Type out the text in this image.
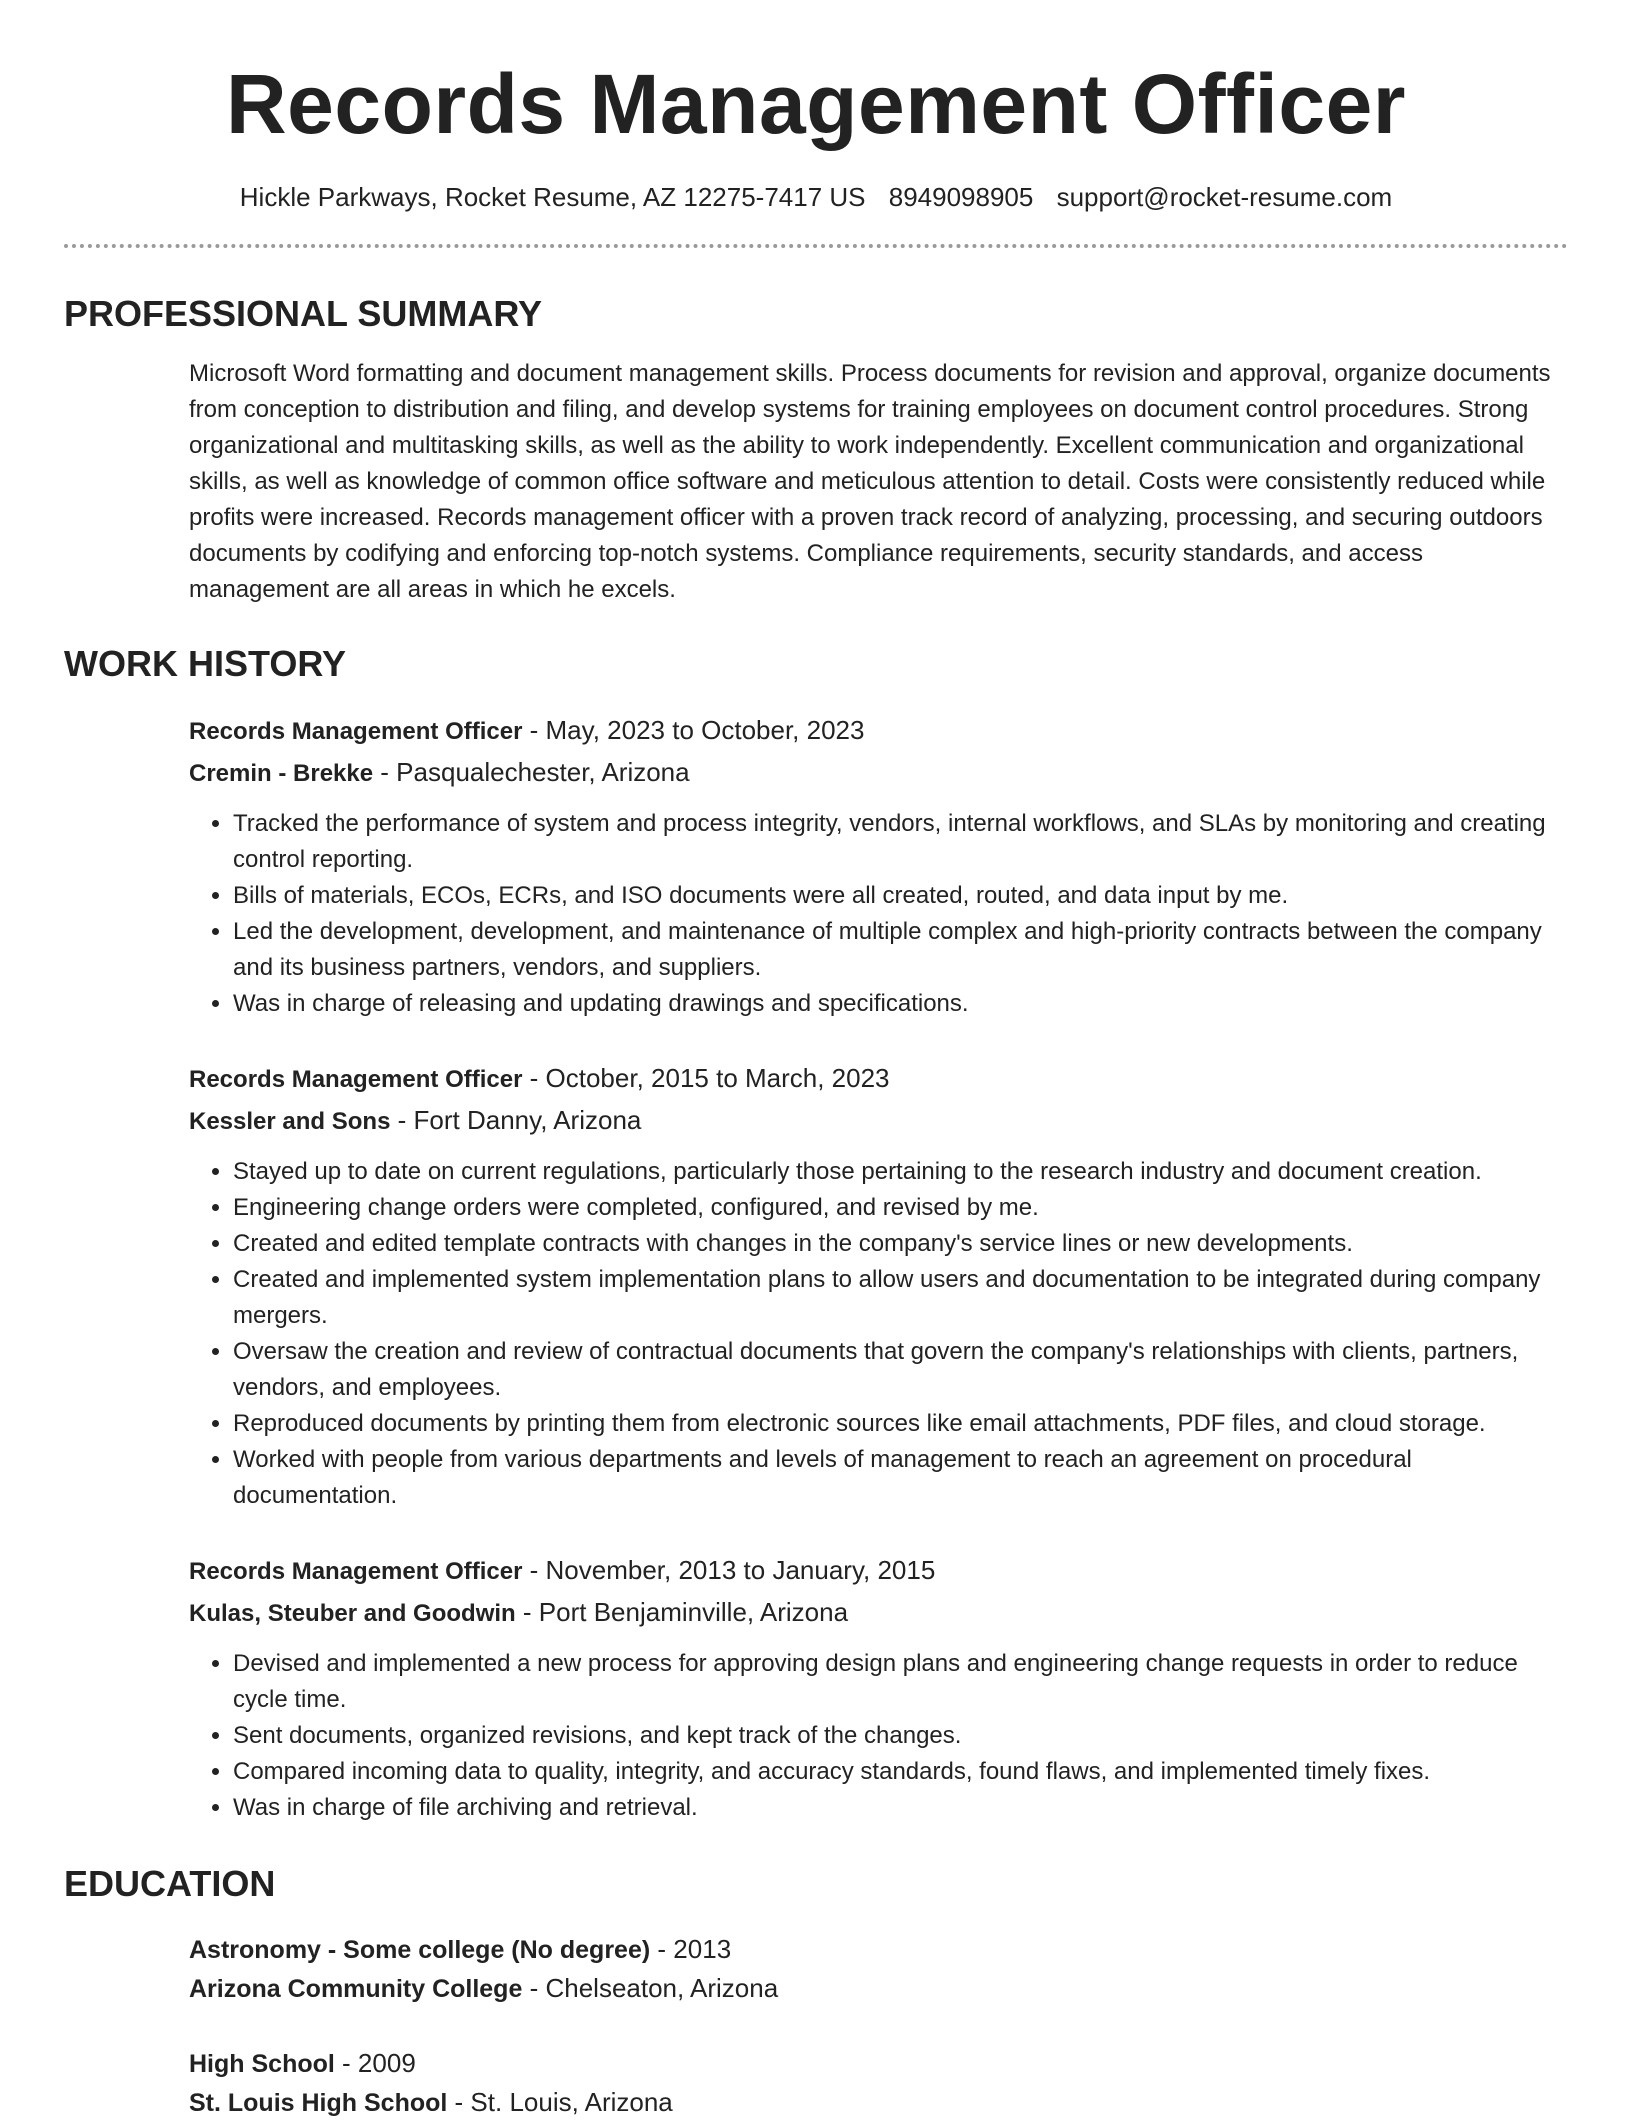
Records Management Officer
Hickle Parkways, Rocket Resume, AZ 12275-7417 US 8949098905 support@rocket-resume.com
PROFESSIONAL SUMMARY

Microsoft Word formatting and document management skills. Process documents for revision and approval, organize documents from conception to distribution and filing, and develop systems for training employees on document control procedures. Strong organizational and multitasking skills, as well as the ability to work independently. Excellent communication and organizational skills, as well as knowledge of common office software and meticulous attention to detail. Costs were consistently reduced while profits were increased. Records management officer with a proven track record of analyzing, processing, and securing outdoors documents by codifying and enforcing top-notch systems. Compliance requirements, security standards, and access management are all areas in which he excels.

WORK HISTORY

Records Management Officer - May, 2023 to October, 2023

Cremin - Brekke - Pasqualechester, Arizona

• Tracked the performance of system and process integrity, vendors, internal workflows, and SLAs by monitoring and creating control reporting.
• Bills of materials, ECOs, ECRs, and ISO documents were all created, routed, and data input by me.
• Led the development, development, and maintenance of multiple complex and high-priority contracts between the company and its business partners, vendors, and suppliers.
• Was in charge of releasing and updating drawings and specifications.

Records Management Officer - October, 2015 to March, 2023

Kessler and Sons - Fort Danny, Arizona

• Stayed up to date on current regulations, particularly those pertaining to the research industry and document creation.
• Engineering change orders were completed, configured, and revised by me.
• Created and edited template contracts with changes in the company's service lines or new developments.
• Created and implemented system implementation plans to allow users and documentation to be integrated during company mergers.
• Oversaw the creation and review of contractual documents that govern the company's relationships with clients, partners, vendors, and employees.
• Reproduced documents by printing them from electronic sources like email attachments, PDF files, and cloud storage.
• Worked with people from various departments and levels of management to reach an agreement on procedural documentation.

Records Management Officer - November, 2013 to January, 2015

Kulas, Steuber and Goodwin - Port Benjaminville, Arizona

• Devised and implemented a new process for approving design plans and engineering change requests in order to reduce cycle time.
• Sent documents, organized revisions, and kept track of the changes.
• Compared incoming data to quality, integrity, and accuracy standards, found flaws, and implemented timely fixes.
• Was in charge of file archiving and retrieval.
EDUCATION

Astronomy - Some college (No degree) - 2013

Arizona Community College - Chelseaton, Arizona

High School - 2009

St. Louis High School - St. Louis, Arizona
